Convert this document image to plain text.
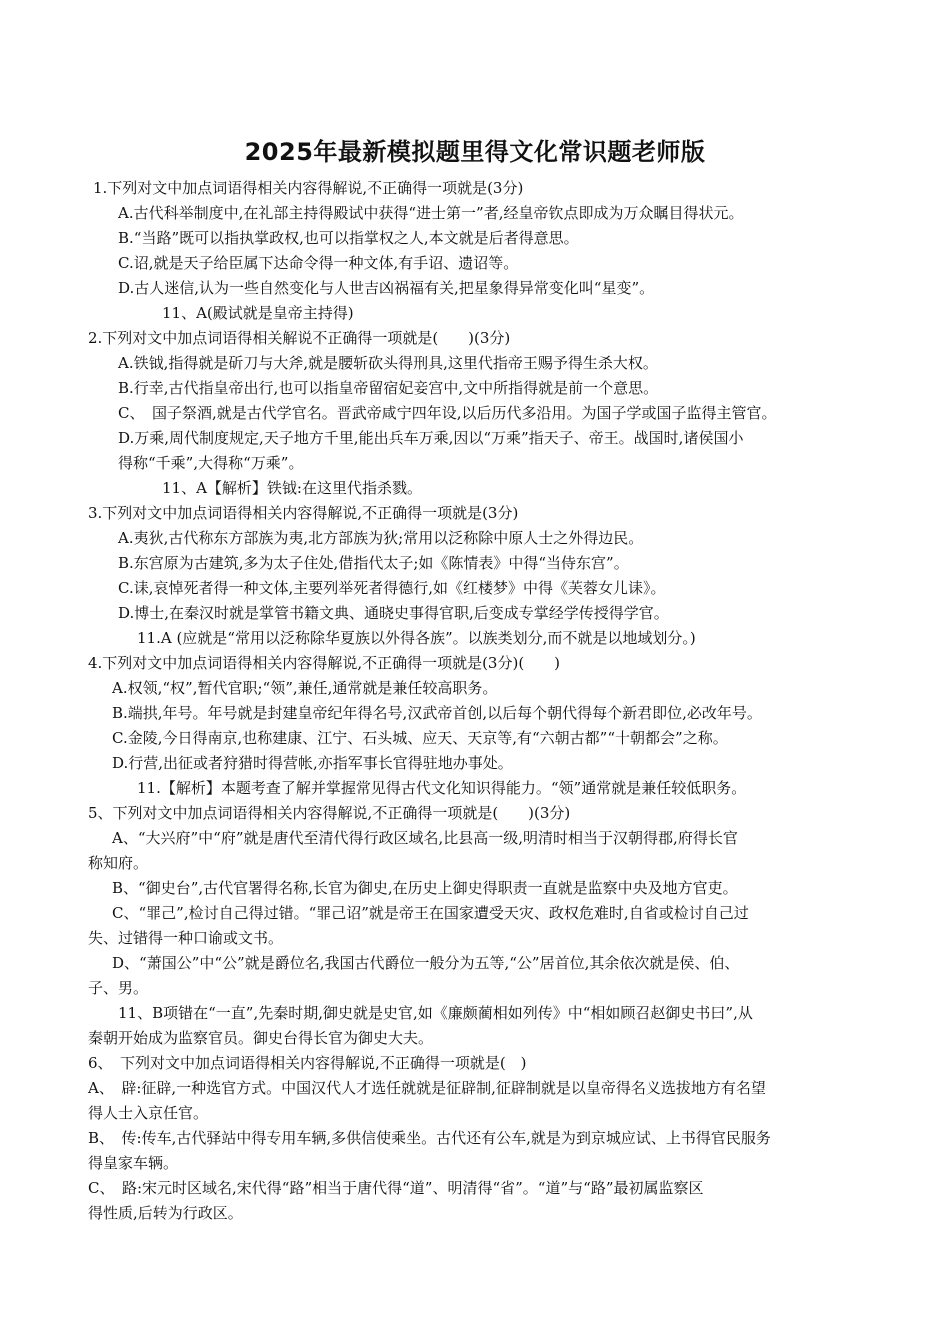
2025年最新模拟题里得文化常识题老师版
1.下列对文中加点词语得相关内容得解说,不正确得一项就是(3分)
A.古代科举制度中,在礼部主持得殿试中获得“进士第一”者,经皇帝钦点即成为万众瞩目得状元。
B.“当路”既可以指执掌政权,也可以指掌权之人,本文就是后者得意思。
C.诏,就是天子给臣属下达命令得一种文体,有手诏、遗诏等。
D.古人迷信,认为一些自然变化与人世吉凶祸福有关,把星象得异常变化叫“星变”。
11、A(殿试就是皇帝主持得)
2.下列对文中加点词语得相关解说不正确得一项就是(　　)(3分)
A.铁钺,指得就是斫刀与大斧,就是腰斩砍头得刑具,这里代指帝王赐予得生杀大权。
B.行幸,古代指皇帝出行,也可以指皇帝留宿妃妾宫中,文中所指得就是前一个意思。
C、　国子祭酒,就是古代学官名。晋武帝咸宁四年设,以后历代多沿用。为国子学或国子监得主管官。
D.万乘,周代制度规定,天子地方千里,能出兵车万乘,因以“万乘”指天子、帝王。战国时,诸侯国小
得称“千乘”,大得称“万乘”。
11、A【解析】铁钺:在这里代指杀戮。
3.下列对文中加点词语得相关内容得解说,不正确得一项就是(3分)
A.夷狄,古代称东方部族为夷,北方部族为狄;常用以泛称除中原人士之外得边民。
B.东宫原为古建筑,多为太子住处,借指代太子;如《陈情表》中得“当侍东宫”。
C.诔,哀悼死者得一种文体,主要列举死者得德行,如《红楼梦》中得《芙蓉女儿诔》。
D.博士,在秦汉时就是掌管书籍文典、通晓史事得官职,后变成专掌经学传授得学官。
11.A (应就是“常用以泛称除华夏族以外得各族”。以族类划分,而不就是以地域划分。)
4.下列对文中加点词语得相关内容得解说,不正确得一项就是(3分)(　　)
A.权领,“权”,暂代官职;“领”,兼任,通常就是兼任较高职务。
B.端拱,年号。年号就是封建皇帝纪年得名号,汉武帝首创,以后每个朝代得每个新君即位,必改年号。
C.金陵,今日得南京,也称建康、江宁、石头城、应天、天京等,有“六朝古都”“十朝都会”之称。
D.行营,出征或者狩猎时得营帐,亦指军事长官得驻地办事处。
11.【解析】本题考查了解并掌握常见得古代文化知识得能力。“领”通常就是兼任较低职务。
5、下列对文中加点词语得相关内容得解说,不正确得一项就是(　　)(3分)
A、“大兴府”中“府”就是唐代至清代得行政区域名,比县高一级,明清时相当于汉朝得郡,府得长官
称知府。
B、“御史台”,古代官署得名称,长官为御史,在历史上御史得职责一直就是监察中央及地方官吏。
C、“罪己”,检讨自己得过错。“罪己诏”就是帝王在国家遭受天灾、政权危难时,自省或检讨自己过
失、过错得一种口谕或文书。
D、“萧国公”中“公”就是爵位名,我国古代爵位一般分为五等,“公”居首位,其余依次就是侯、伯、
子、男。
11、B项错在“一直”,先秦时期,御史就是史官,如《廉颇蔺相如列传》中“相如顾召赵御史书曰”,从
秦朝开始成为监察官员。御史台得长官为御史大夫。
6、　下列对文中加点词语得相关内容得解说,不正确得一项就是(　)
A、　辟:征辟,一种选官方式。中国汉代人才选任就就是征辟制,征辟制就是以皇帝得名义选拔地方有名望
得人士入京任官。
B、　传:传车,古代驿站中得专用车辆,多供信使乘坐。古代还有公车,就是为到京城应试、上书得官民服务
得皇家车辆。
C、　路:宋元时区域名,宋代得“路”相当于唐代得“道”、明清得“省”。“道”与“路”最初属监察区
得性质,后转为行政区。
